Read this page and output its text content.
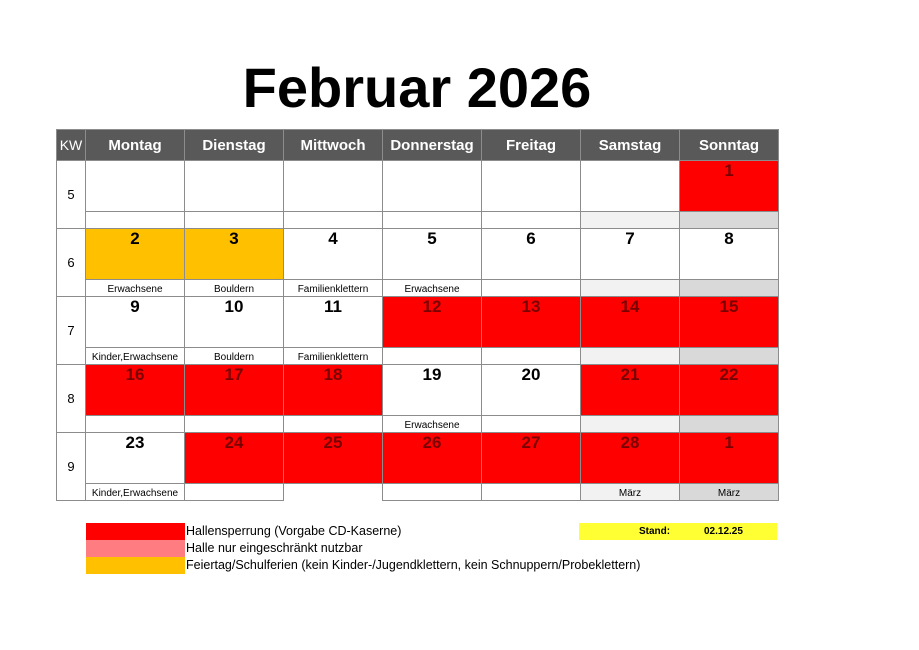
Februar 2026
KW	Montag	Dienstag	Mittwoch	Donnerstag	Freitag	Samstag	Sonntag
5							1

6	2	3	4	5	6	7	8
	Erwachsene	Bouldern	Familienklettern	Erwachsene			
7	9	10	11	12	13	14	15
	Kinder,Erwachsene	Bouldern	Familienklettern				
8	16	17	18	19	20	21	22
				Erwachsene			
9	23	24	25	26	27	28	1
	Kinder,Erwachsene					März	März
Hallensperrung (Vorgabe CD-Kaserne)
Halle nur eingeschränkt nutzbar
Feiertag/Schulferien (kein Kinder-/Jugendklettern, kein Schnuppern/Probeklettern)
Stand:	02.12.25
